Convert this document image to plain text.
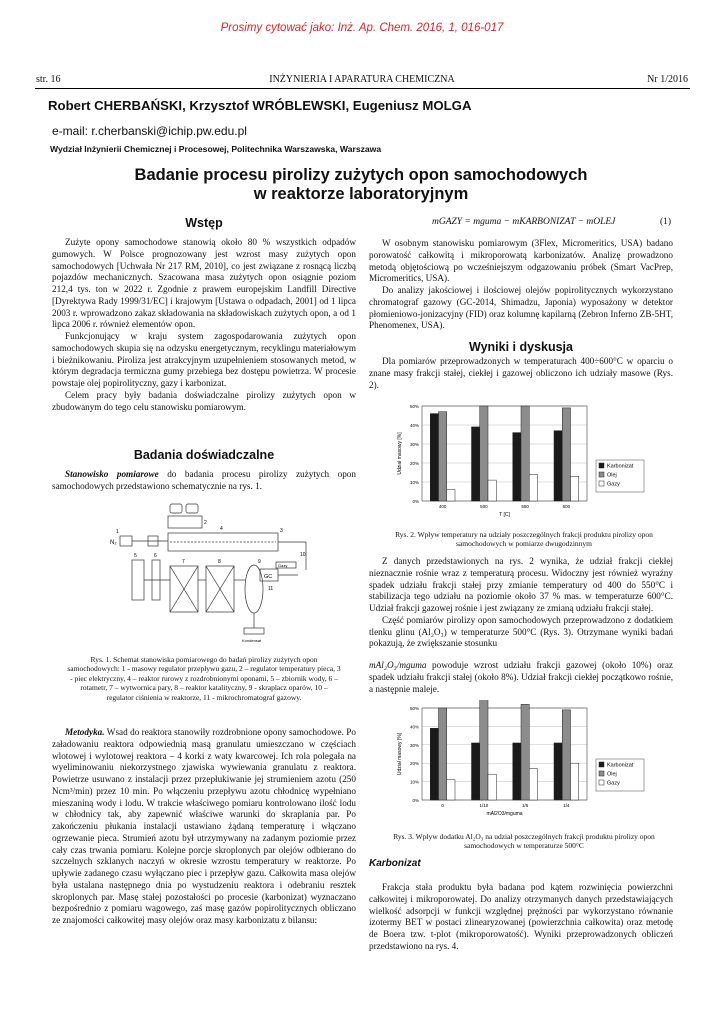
Prosimy cytować jako: Inż. Ap. Chem. 2016, 1, 016-017
str. 16	INŻYNIERIA I APARATURA CHEMICZNA	Nr 1/2016
Robert CHERBAŃSKI, Krzysztof WRÓBLEWSKI, Eugeniusz MOLGA
e-mail: r.cherbanski@ichip.pw.edu.pl
Wydział Inżynierii Chemicznej i Procesowej, Politechnika Warszawska, Warszawa
Badanie procesu pirolizy zużytych opon samochodowych
w reaktorze laboratoryjnym
Wstęp

Zużyte opony samochodowe stanowią około 80 % wszystkich odpadów gumowych. W Polsce prognozowany jest wzrost masy zużytych opon samochodowych [Uchwała Nr 217 RM, 2010], co jest związane z rosnącą liczbą pojazdów mechanicznych. Szacowana masa zużytych opon osiągnie poziom 212,4 tys. ton w 2022 r. Zgodnie z prawem europejskim Landfill Directive [Dyrektywa Rady 1999/31/EC] i krajowym [Ustawa o odpadach, 2001] od 1 lipca 2003 r. wprowadzono zakaz składowania na składowiskach zużytych opon, a od 1 lipca 2006 r. również elementów opon.

Funkcjonujący w kraju system zagospodarowania zużytych opon samochodowych skupia się na odzysku energetycznym, recyklingu materiałowym i bieżnikowaniu. Piroliza jest atrakcyjnym uzupełnieniem stosowanych metod, w którym degradacja termiczna gumy przebiega bez dostępu powietrza. W procesie powstaje olej popirolityczny, gazy i karbonizat.

Celem pracy były badania doświadczalne pirolizy zużytych opon w zbudowanym do tego celu stanowisku pomiarowym.

Badania doświadczalne

Stanowisko pomiarowe do badania procesu pirolizy zużytych opon samochodowych przedstawiono schematycznie na rys. 1.

N₂
GC
Gazy
Kondensat
1
2
3
4
5	6
7	8	9
10
11
Rys. 1. Schemat stanowiska pomiarowego do badań pirolizy zużytych opon samochodowych: 1 - masowy regulator przepływu gazu, 2 – regulator temperatury pieca, 3 - piec elektryczny, 4 – reaktor rurowy z rozdrobnionymi oponami, 5 – zbiornik wody, 6 – rotametr, 7 – wytwornica pary, 8 – reaktor katalityczny, 9 - skraplacz oparów, 10 – regulator ciśnienia w reaktorze, 11 - mikrochromatograf gazowy.

Metodyka. Wsad do reaktora stanowiły rozdrobnione opony samochodowe. Po załadowaniu reaktora odpowiednią masą granulatu umieszczano w częściach wlotowej i wylotowej reaktora – 4 korki z waty kwarcowej. Ich rola polegała na wyeliminowaniu niekorzystnego zjawiska wywiewania granulatu z reaktora. Powietrze usuwano z instalacji przez przepłukiwanie jej strumieniem azotu (250 Ncm³/min) przez 10 min. Po włączeniu przepływu azotu chłodnicę wypełniano mieszaniną wody i lodu. W trakcie właściwego pomiaru kontrolowano ilość lodu w chłodnicy tak, aby zapewnić właściwe warunki do skraplania par. Po zakończeniu płukania instalacji ustawiano żądaną temperaturę i włączano ogrzewanie pieca. Strumień azotu był utrzymywany na zadanym poziomie przez cały czas trwania pomiaru. Kolejne porcje skroplonych par olejów odbierano do szczelnych szklanych naczyń w okresie wzrostu temperatury w reaktorze. Po upływie zadanego czasu wyłączano piec i przepływ gazu. Całkowita masa olejów była ustalana następnego dnia po wystudzeniu reaktora i odebraniu resztek skroplonych par. Masę stałej pozostałości po procesie (karbonizat) wyznaczano bezpośrednio z pomiaru wagowego, zaś masę gazów popirolitycznych obliczano ze znajomości całkowitej masy olejów oraz masy karbonizatu z bilansu:

mGAZY = mguma − mKARBONIZAT − mOLEJ	(1)

W osobnym stanowisku pomiarowym (3Flex, Micromeritics, USA) badano porowatość całkowitą i mikroporowatą karbonizatów. Analizę prowadzono metodą objętościową po wcześniejszym odgazowaniu próbek (Smart VacPrep, Micromeritics, USA).

Do analizy jakościowej i ilościowej olejów popirolitycznych wykorzystano chromatograf gazowy (GC-2014, Shimadzu, Japonia) wyposażony w detektor płomieniowo-jonizacyjny (FID) oraz kolumnę kapilarną (Zebron Inferno ZB-5HT, Phenomenex, USA).

Wyniki i dyskusja

Dla pomiarów przeprowadzonych w temperaturach 400÷600°C w oparciu o znane masy frakcji stałej, ciekłej i gazowej obliczono ich udziały masowe (Rys. 2).

0%
10%
20%
30%
40%
50%
400	500	550	600
T [C]
Udział masowy [%]	Karbonizat
Olej
Gazy
Rys. 2. Wpływ temperatury na udziały poszczególnych frakcji produktu pirolizy opon samochodowych w pomiarze dwugodzinnym

Z danych przedstawionych na rys. 2 wynika, że udział frakcji ciekłej nieznacznie rośnie wraz z temperaturą procesu. Widoczny jest również wyraźny spadek udziału frakcji stałej przy zmianie temperatury od 400 do 550°C i stabilizacja tego udziału na poziomie około 37 % mas. w temperaturze 600°C. Udział frakcji gazowej rośnie i jest związany ze zmianą udziału frakcji stałej.

Część pomiarów pirolizy opon samochodowych przeprowadzono z dodatkiem tlenku glinu (Al₂O₃) w temperaturze 500°C (Rys. 3). Otrzymane wyniki badań pokazują, że zwiększanie stosunku

mAl₂O₃/mguma powoduje wzrost udziału frakcji gazowej (około 10%) oraz spadek udziału frakcji stałej (około 8%). Udział frakcji ciekłej początkowo rośnie, a następnie maleje.
0%
10%
20%
30%
40%
50%
0	1/10	1/5	1/4
mAl2O3/mguma
Udział masowy [%]	Karbonizat
Olej
Gazy
Rys. 3. Wpływ dodatku Al₂O₃ na udział poszczególnych frakcji produktu pirolizy opon samochodowych w temperaturze 500°C
Karbonizat

Frakcja stała produktu była badana pod kątem rozwinięcia powierzchni całkowitej i mikroporowatej. Do analizy otrzymanych danych przedstawiających wielkość adsorpcji w funkcji względnej prężności par wykorzystano równanie izotermy BET w postaci zlinearyzowanej (powierzchnia całkowita) oraz metodę de Boera tzw. t-plot (mikroporowatość). Wyniki przeprowadzonych obliczeń przedstawiono na rys. 4.
